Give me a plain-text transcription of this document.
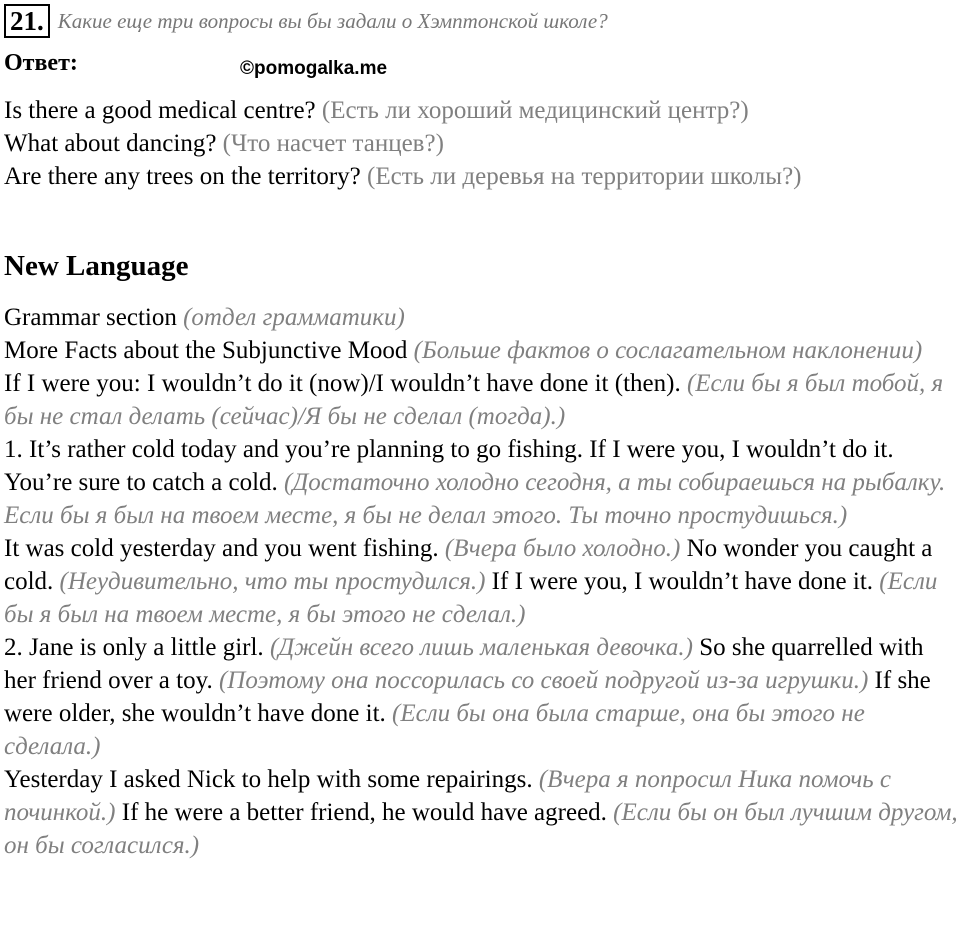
21. Какие еще три вопросы вы бы задали о Хэмптонской школе?
Ответ:	©pomogalka.me

Is there a good medical centre? (Есть ли хороший медицинский центр?)

What about dancing? (Что насчет танцев?)

Are there any trees on the territory? (Есть ли деревья на территории школы?)

New Language

Grammar section (отдел грамматики)

More Facts about the Subjunctive Mood (Больше фактов о сослагательном наклонении)

If I were you: I wouldn’t do it (now)/I wouldn’t have done it (then). (Если бы я был тобой, я бы не стал делать (сейчас)/Я бы не сделал (тогда).)

1. It’s rather cold today and you’re planning to go fishing. If I were you, I wouldn’t do it. You’re sure to catch a cold. (Достаточно холодно сегодня, а ты собираешься на рыбалку. Если бы я был на твоем месте, я бы не делал этого. Ты точно простудишься.)

It was cold yesterday and you went fishing. (Вчера было холодно.) No wonder you caught a cold. (Неудивительно, что ты простудился.) If I were you, I wouldn’t have done it. (Если бы я был на твоем месте, я бы этого не сделал.)

2. Jane is only a little girl. (Джейн всего лишь маленькая девочка.) So she quarrelled with her friend over a toy. (Поэтому она поссорилась со своей подругой из-за игрушки.) If she were older, she wouldn’t have done it. (Если бы она была старше, она бы этого не сделала.)

Yesterday I asked Nick to help with some repairings. (Вчера я попросил Ника помочь с починкой.) If he were a better friend, he would have agreed. (Если бы он был лучшим другом, он бы согласился.)
